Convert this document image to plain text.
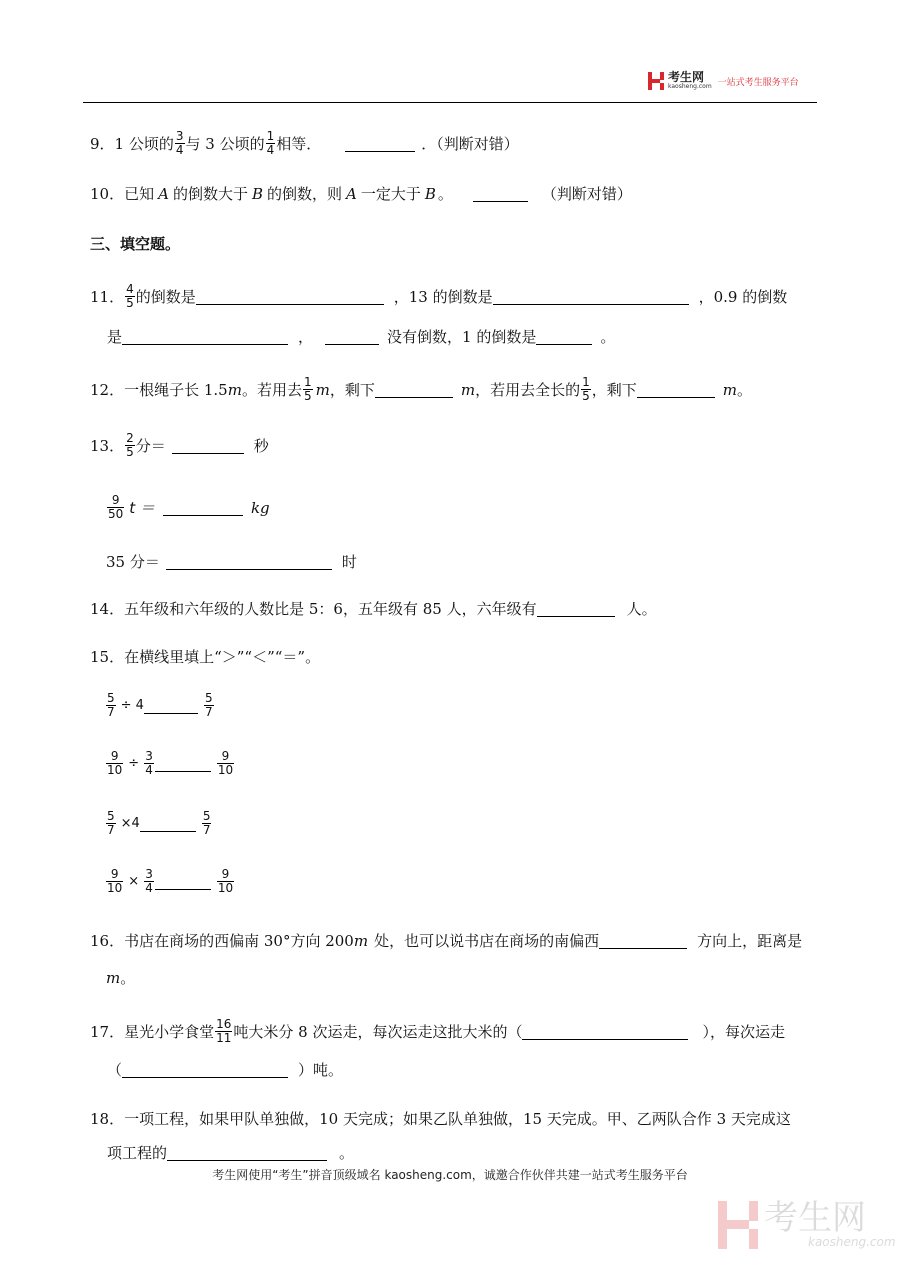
考生网
kaosheng.com 一站式考生服务平台
9．1 公顷的 $\frac{3}{4}$ 与 3 公顷的 $\frac{1}{4}$ 相等．	．（判断对错）
10．已知 A 的倒数大于 B 的倒数，则 A 一定大于 B 。	（判断对错）
三、填空题。
11． $\frac{4}{5}$ 的倒数是	，13 的倒数是	，0.9 的倒数
是	，	没有倒数，1 的倒数是	。
12．一根绳子长 1.5 m 。若用去 $\frac{1}{5}$ m ，剩下	m ，若用去全长的 $\frac{1}{5}$ ，剩下	m 。
13． $\frac{2}{5}$ 分＝	秒
$\frac{9}{50}$ t ＝	kg
35 分＝	时
14．五年级和六年级的人数比是 5：6，五年级有 85 人，六年级有	人。
15．在横线里填上“＞”“＜”“＝”。
$\frac{5}{7} \div 4$	$\frac{5}{7}$
$\frac{9}{10} \div \frac{3}{4}$	$\frac{9}{10}$
$\frac{5}{7} \times 4$	$\frac{5}{7}$
$\frac{9}{10} \times \frac{3}{4}$	$\frac{9}{10}$
16．书店在商场的西偏南 30°方向 200 m 处，也可以说书店在商场的南偏西	方向上，距离是
m 。
17．星光小学食堂 $\frac{16}{11}$ 吨大米分 8 次运走，每次运走这批大米的（	），每次运走
（	）吨。
18．一项工程，如果甲队单独做，10 天完成；如果乙队单独做，15 天完成。甲、乙两队合作 3 天完成这
项工程的	。
考生网使用“考生”拼音顶级域名 kaosheng.com，诚邀合作伙伴共建一站式考生服务平台
考生网
kaosheng.com
